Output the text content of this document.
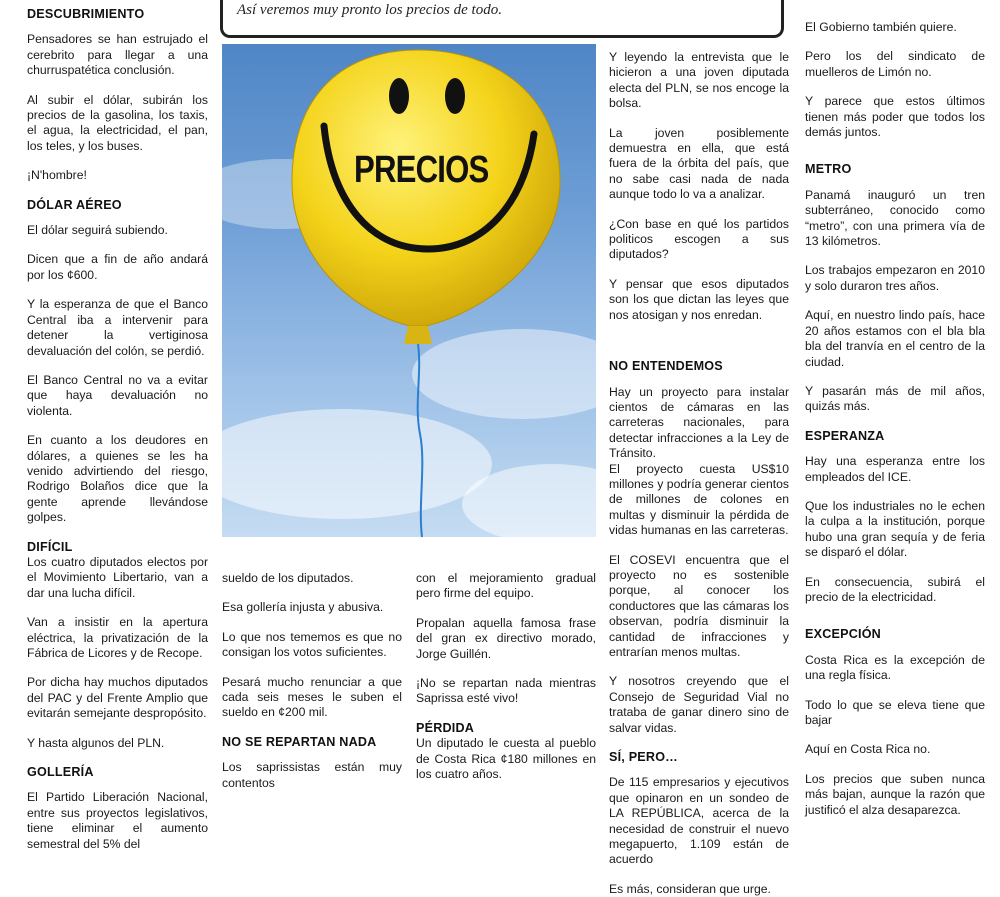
Así veremos muy pronto los precios de todo.
PRECIOS
DESCUBRIMIENTO

Pensadores se han estrujado el cerebrito para llegar a una churruspatética conclusión.

Al subir el dólar, subirán los precios de la gasolina, los taxis, el agua, la electricidad, el pan, los teles, y los buses.

¡N'hombre!

DÓLAR AÉREO

El dólar seguirá subiendo.

Dicen que a fin de año andará por los ¢600.

Y la esperanza de que el Banco Central iba a intervenir para detener la vertiginosa devaluación del colón, se perdió.

El Banco Central no va a evitar que haya devaluación no violenta.

En cuanto a los deudores en dólares, a quienes se les ha venido advirtiendo del riesgo, Rodrigo Bolaños dice que la gente aprende llevándose golpes.

DIFÍCIL

Los cuatro diputados electos por el Movimiento Libertario, van a dar una lucha difícil.

Van a insistir en la apertura eléctrica, la privatización de la Fábrica de Licores y de Recope.

Por dicha hay muchos diputados del PAC y del Frente Amplio que evitarán semejante despropósito.

Y hasta algunos del PLN.

GOLLERÍA

El Partido Liberación Nacional, entre sus proyectos legislativos, tiene eliminar el aumento semestral del 5% del

sueldo de los diputados.

Esa gollería injusta y abusiva.

Lo que nos tememos es que no consigan los votos suficientes.

Pesará mucho renunciar a que cada seis meses le suben el sueldo en ¢200 mil.

NO SE REPARTAN NADA

Los saprissistas están muy contentos

con el mejoramiento gradual pero firme del equipo.

Propalan aquella famosa frase del gran ex directivo morado, Jorge Guillén.

¡No se repartan nada mientras Saprissa esté vivo!

PÉRDIDA

Un diputado le cuesta al pueblo de Costa Rica ¢180 millones en los cuatro años.

Y leyendo la entrevista que le hicieron a una joven diputada electa del PLN, se nos encoge la bolsa.

La joven posiblemente demuestra en ella, que está fuera de la órbita del país, que no sabe casi nada de nada aunque todo lo va a analizar.

¿Con base en qué los partidos politicos escogen a sus diputados?

Y pensar que esos diputados son los que dictan las leyes que nos atosigan y nos enredan.

NO ENTENDEMOS

Hay un proyecto para instalar cientos de cámaras en las carreteras nacionales, para detectar infracciones a la Ley de Tránsito.

El proyecto cuesta US$10 millones y podría generar cientos de millones de colones en multas y disminuir la pérdida de vidas humanas en las carreteras.

El COSEVI encuentra que el proyecto no es sostenible porque, al conocer los conductores que las cámaras los observan, podría disminuir la cantidad de infracciones y entrarían menos multas.

Y nosotros creyendo que el Consejo de Seguridad Vial no trataba de ganar dinero sino de salvar vidas.

SÍ, PERO…

De 115 empresarios y ejecutivos que opinaron en un sondeo de LA REPÚBLICA, acerca de la necesidad de construir el nuevo megapuerto, 1.109 están de acuerdo

Es más, consideran que urge.

El Gobierno también quiere.

Pero los del sindicato de muelleros de Limón no.

Y parece que estos últimos tienen más poder que todos los demás juntos.

METRO

Panamá inauguró un tren subterráneo, conocido como “metro”, con una primera vía de 13 kilómetros.

Los trabajos empezaron en 2010 y solo duraron tres años.

Aquí, en nuestro lindo país, hace 20 años estamos con el bla bla bla del tranvía en el centro de la ciudad.

Y pasarán más de mil años, quizás más.

ESPERANZA

Hay una esperanza entre los empleados del ICE.

Que los industriales no le echen la culpa a la institución, porque hubo una gran sequía y de feria se disparó el dólar.

En consecuencia, subirá el precio de la electricidad.

EXCEPCIÓN

Costa Rica es la excepción de una regla física.

Todo lo que se eleva tiene que bajar

Aquí en Costa Rica no.

Los precios que suben nunca más bajan, aunque la razón que justificó el alza desaparezca.
